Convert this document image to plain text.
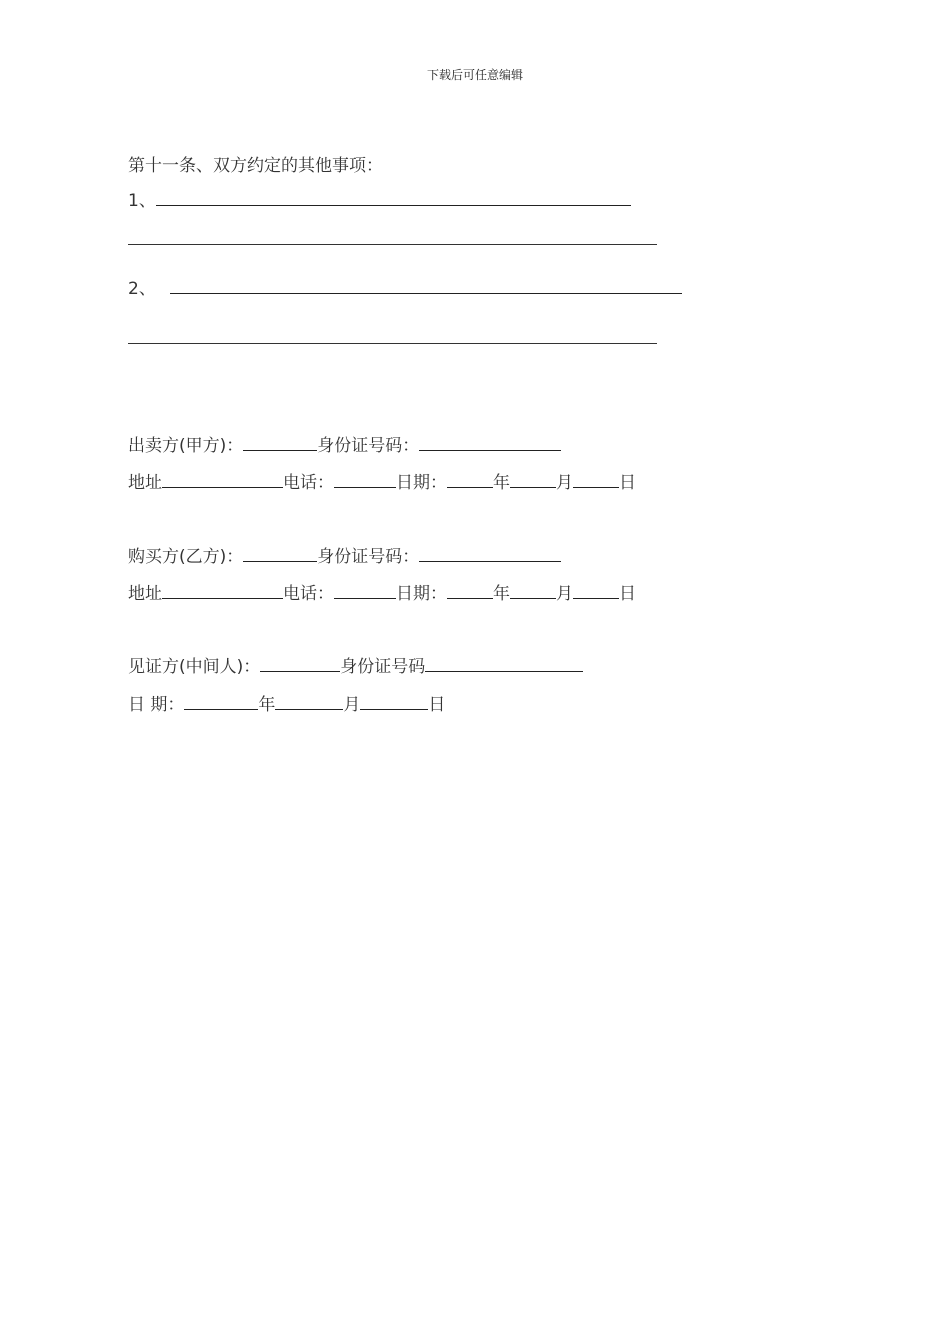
下载后可任意编辑
第十一条、双方约定的其他事项：
1、
2、
出卖方(甲方)：	身份证号码：
地址	电话：	日期：	年	月	日
购买方(乙方)：	身份证号码：
地址	电话：	日期：	年	月	日
见证方(中间人)：	身份证号码
日 期：	年	月	日
